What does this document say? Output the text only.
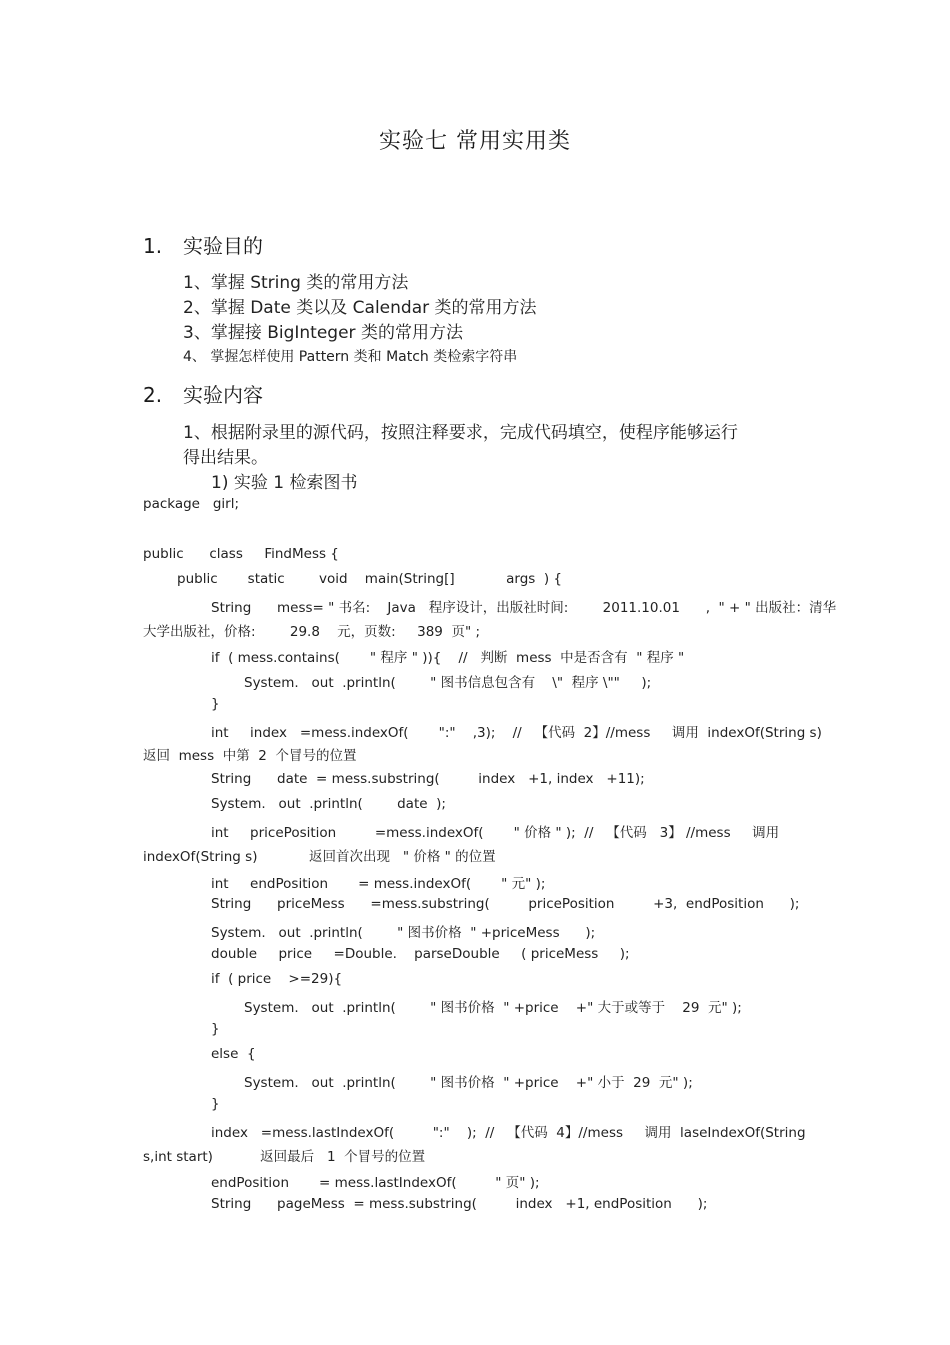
实验七 常用实用类
1. 实验目的
1、掌握 String 类的常用方法
2、掌握 Date 类以及 Calendar 类的常用方法
3、掌握接 BigInteger 类的常用方法
4、 掌握怎样使用 Pattern 类和 Match 类检索字符串
2. 实验内容
1、根据附录里的源代码，按照注释要求，完成代码填空，使程序能够运行
得出结果。
1) 实验 1 检索图书
package   girl;
public      class     FindMess {
public       static        void    main(String[]            args  ) {
String      mess= " 书名:    Java   程序设计，出版社时间:        2011.10.01      ,  " + " 出版社：清华
大学出版社，价格:        29.8    元，页数:     389  页" ;
if  ( mess.contains(       " 程序 " )){    //   判断  mess  中是否含有  " 程序 "
System.   out  .println(        " 图书信息包含有    \"  程序 \""     );
}
int     index   =mess.indexOf(       ":"    ,3);    //   【代码  2】//mess     调用  indexOf(String s)
返回  mess  中第  2  个冒号的位置
String      date  = mess.substring(         index   +1, index   +11);
System.   out  .println(        date  );
int     pricePosition         =mess.indexOf(       " 价格 " );  //   【代码   3】 //mess     调用
indexOf(String s)            返回首次出现   " 价格 " 的位置
int     endPosition       = mess.indexOf(       " 元" );
String      priceMess      =mess.substring(         pricePosition         +3,  endPosition      );
System.   out  .println(        " 图书价格  " +priceMess      );
double     price     =Double.    parseDouble     ( priceMess     );
if  ( price    >=29){
System.   out  .println(        " 图书价格  " +price    +" 大于或等于    29  元" );
}
else  {
System.   out  .println(        " 图书价格  " +price    +" 小于  29  元" );
}
index   =mess.lastIndexOf(         ":"    );  //   【代码  4】//mess     调用  laseIndexOf(String
s,int start)           返回最后   1  个冒号的位置
endPosition       = mess.lastIndexOf(         " 页" );
String      pageMess  = mess.substring(         index   +1, endPosition      );
